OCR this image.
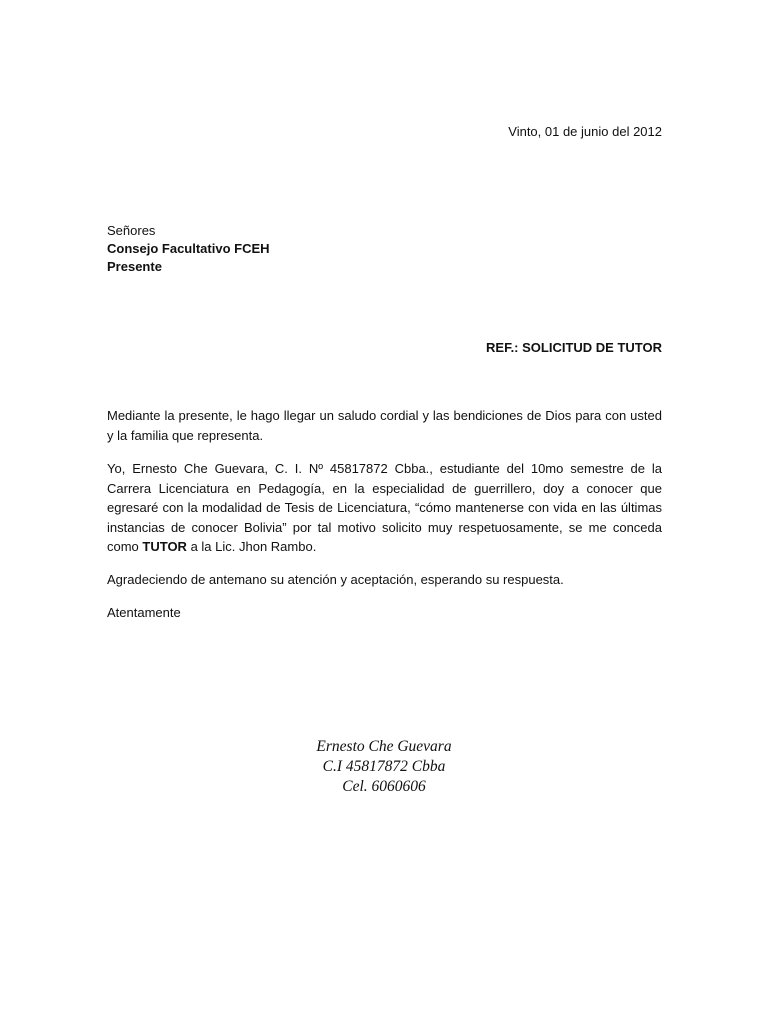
Vinto, 01 de junio del 2012
Señores
Consejo Facultativo FCEH
Presente
REF.: SOLICITUD DE TUTOR

Mediante la presente, le hago llegar un saludo cordial y las bendiciones de Dios para con usted y la familia que representa.

Yo, Ernesto Che Guevara, C. I. Nº 45817872 Cbba., estudiante del 10mo semestre de la Carrera Licenciatura en Pedagogía, en la especialidad de guerrillero, doy a conocer que egresaré con la modalidad de Tesis de Licenciatura, “cómo mantenerse con vida en las últimas instancias de conocer Bolivia” por tal motivo solicito muy respetuosamente, se me conceda como TUTOR a la Lic. Jhon Rambo.

Agradeciendo de antemano su atención y aceptación, esperando su respuesta.

Atentamente
Ernesto Che Guevara
C.I 45817872 Cbba
Cel. 6060606
